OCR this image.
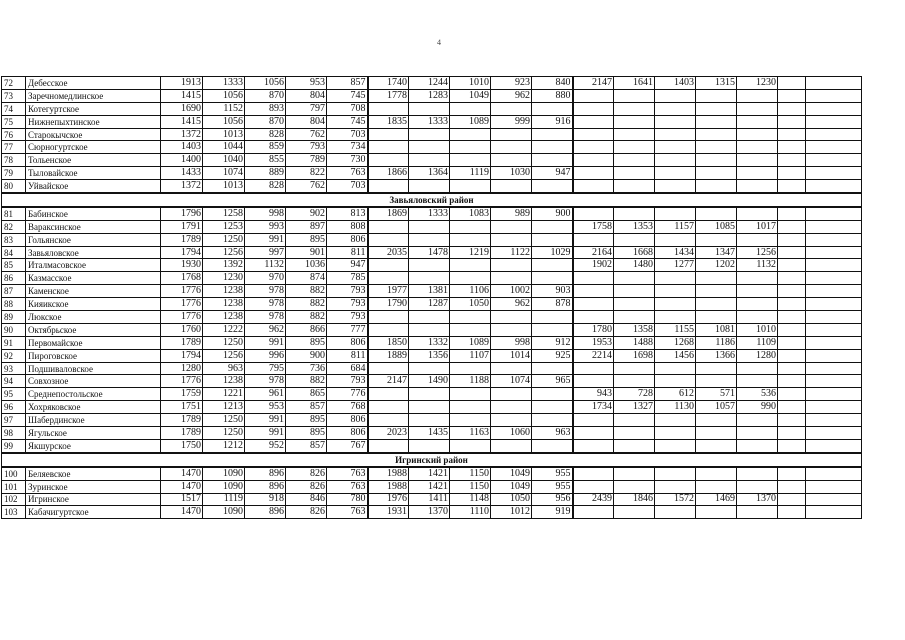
4
72	Дебесское	1913	1333	1056	953	857	1740	1244	1010	923	840	2147	1641	1403	1315	1230		
73	Заречномедлинское	1415	1056	870	804	745	1778	1283	1049	962	880							
74	Котегуртское	1690	1152	893	797	708												
75	Нижнепыхтинское	1415	1056	870	804	745	1835	1333	1089	999	916							
76	Старокычское	1372	1013	828	762	703												
77	Сюрногуртское	1403	1044	859	793	734												
78	Тольенское	1400	1040	855	789	730												
79	Тыловайское	1433	1074	889	822	763	1866	1364	1119	1030	947							
80	Уйвайское	1372	1013	828	762	703												
Завьяловский район																		
81	Бабинское	1796	1258	998	902	813	1869	1333	1083	989	900							
82	Вараксинское	1791	1253	993	897	808						1758	1353	1157	1085	1017		
83	Гольянское	1789	1250	991	895	806												
84	Завьяловское	1794	1256	997	901	811	2035	1478	1219	1122	1029	2164	1668	1434	1347	1256		
85	Италмасовское	1930	1392	1132	1036	947						1902	1480	1277	1202	1132		
86	Казмасское	1768	1230	970	874	785												
87	Каменское	1776	1238	978	882	793	1977	1381	1106	1002	903							
88	Кияикское	1776	1238	978	882	793	1790	1287	1050	962	878							
89	Люкское	1776	1238	978	882	793												
90	Октябрьское	1760	1222	962	866	777						1780	1358	1155	1081	1010		
91	Первомайское	1789	1250	991	895	806	1850	1332	1089	998	912	1953	1488	1268	1186	1109		
92	Пироговское	1794	1256	996	900	811	1889	1356	1107	1014	925	2214	1698	1456	1366	1280		
93	Подшиваловское	1280	963	795	736	684												
94	Совхозное	1776	1238	978	882	793	2147	1490	1188	1074	965							
95	Среднепостольское	1759	1221	961	865	776						943	728	612	571	536		
96	Хохряковское	1751	1213	953	857	768						1734	1327	1130	1057	990		
97	Шабердинское	1789	1250	991	895	806												
98	Ягульское	1789	1250	991	895	806	2023	1435	1163	1060	963							
99	Якшурское	1750	1212	952	857	767												
Игринский район																		
100	Беляевское	1470	1090	896	826	763	1988	1421	1150	1049	955							
101	Зуринское	1470	1090	896	826	763	1988	1421	1150	1049	955							
102	Игринское	1517	1119	918	846	780	1976	1411	1148	1050	956	2439	1846	1572	1469	1370		
103	Кабачигуртское	1470	1090	896	826	763	1931	1370	1110	1012	919							
